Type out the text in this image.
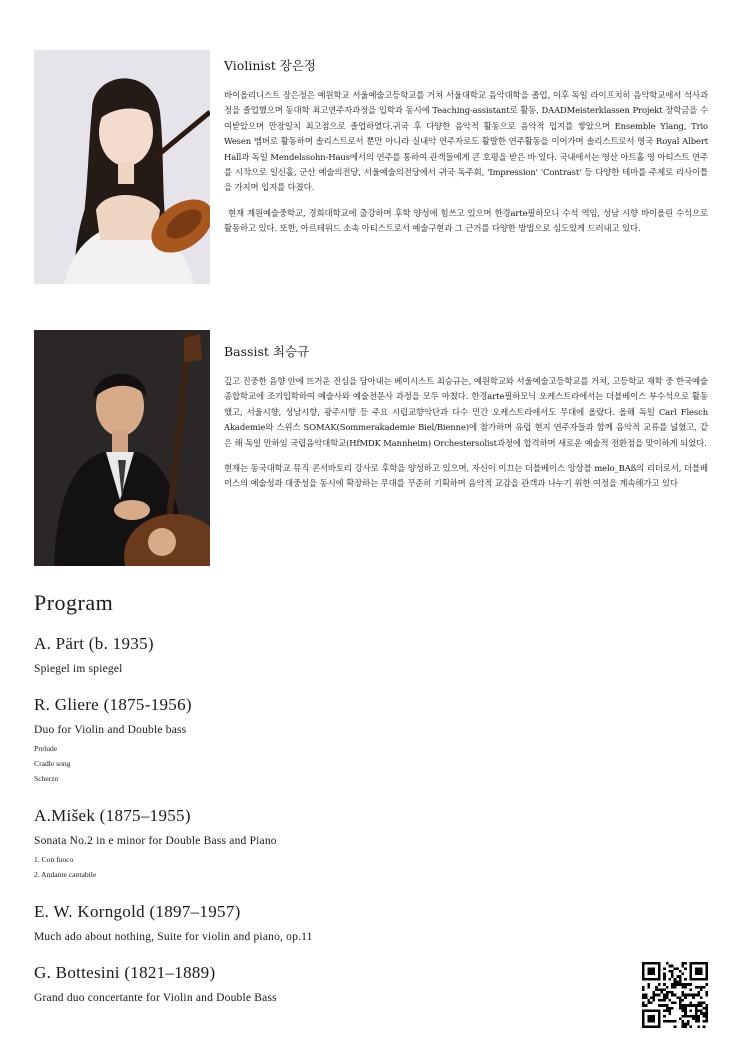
Violinist 장은정

바이올리니스트 장은정은 예원학교 서울예술고등학교를 거쳐 서울대학교 음악대학을 졸업, 이후 독일 라이프치히 음악학교에서 석사과정을 졸업했으며 동대학 최고연주자과정을 입학과 동시에 Teaching-assistant로 활동, DAADMeisterklassen Projekt 장학금을 수여받았으며 만장일치 최고점으로 졸업하였다.귀국 후 다양한 음악적 활동으로 음악적 입지를 쌓았으며 Ensemble Ylang, Trio Wesen 멤버로 활동하며 솔리스트로서 뿐만 아니라 실내악 연주자로도 활발한 연주활동을 이어가며 솔리스트로서 영국 Royal Albert Hall과 독일 Mendelssohn-Haus에서의 연주를 통하여 관객들에게 큰 호평을 받은 바 있다. 국내에서는 영산 아트홀 영 아티스트 연주를 시작으로 일신홀, 군산 예술의전당, 서울예술의전당에서 귀국 독주회, 'Impression' 'Contrast' 등 다양한 테마를 주제로 리사이틀을 가지며 입지를 다졌다.

현재 계원예술중학교, 경희대학교에 출강하며 후학 양성에 힘쓰고 있으며 한경arte필하모니 수석 역임, 성남 시향 바이올린 수석으로 활동하고 있다. 또한, 아르테위드 소속 아티스트로서 예술구현과 그 근거를 다양한 방법으로 심도있게 드러내고 있다.

Bassist 최승규

깊고 진중한 음향 안에 뜨거운 진심을 담아내는 베이시스트 최승규는, 예원학교와 서울예술고등학교를 거쳐, 고등학교 재학 중 한국예술종합학교에 조기입학하여 예술사와 예술전문사 과정을 모두 마쳤다. 한경arte필하모닉 오케스트라에서는 더블베이스 부수석으로 활동했고, 서울시향, 성남시향, 광주시향 등 주요 시립교향악단과 다수 민간 오케스트라에서도 무대에 올랐다. 올해 독일 Carl Flesch Akademie와 스위스 SOMAK(Sommerakademie Biel/Bienne)에 참가하며 유럽 현지 연주자들과 함께 음악적 교류를 넓혔고, 같은 해 독일 만하임 국립음악대학교(HfMDK Mannheim) Orchestersolist과정에 합격하며 새로운 예술적 전환점을 맞이하게 되었다.

현재는 동국대학교 뮤직 콘서바토리 강사로 후학을 양성하고 있으며, 자신이 이끄는 더블베이스 앙상블 melo_BAß의 리더로서, 더블베이스의 예술성과 대중성을 동시에 확장하는 무대를 꾸준히 기획하며 음악적 교감을 관객과 나누기 위한 여정을 계속해가고 있다

Program
A. Pärt (b. 1935)
Spiegel im spiegel
R. Gliere (1875-1956)
Duo for Violin and Double bass
Prelude
Cradle song
Scherzo
A.Mišek (1875–1955)
Sonata No.2 in e minor for Double Bass and Piano
1. Con fuoco
2. Andante cantabile
E. W. Korngold (1897–1957)
Much ado about nothing, Suite for violin and piano, op.11
G. Bottesini (1821–1889)
Grand duo concertante for Violin and Double Bass
